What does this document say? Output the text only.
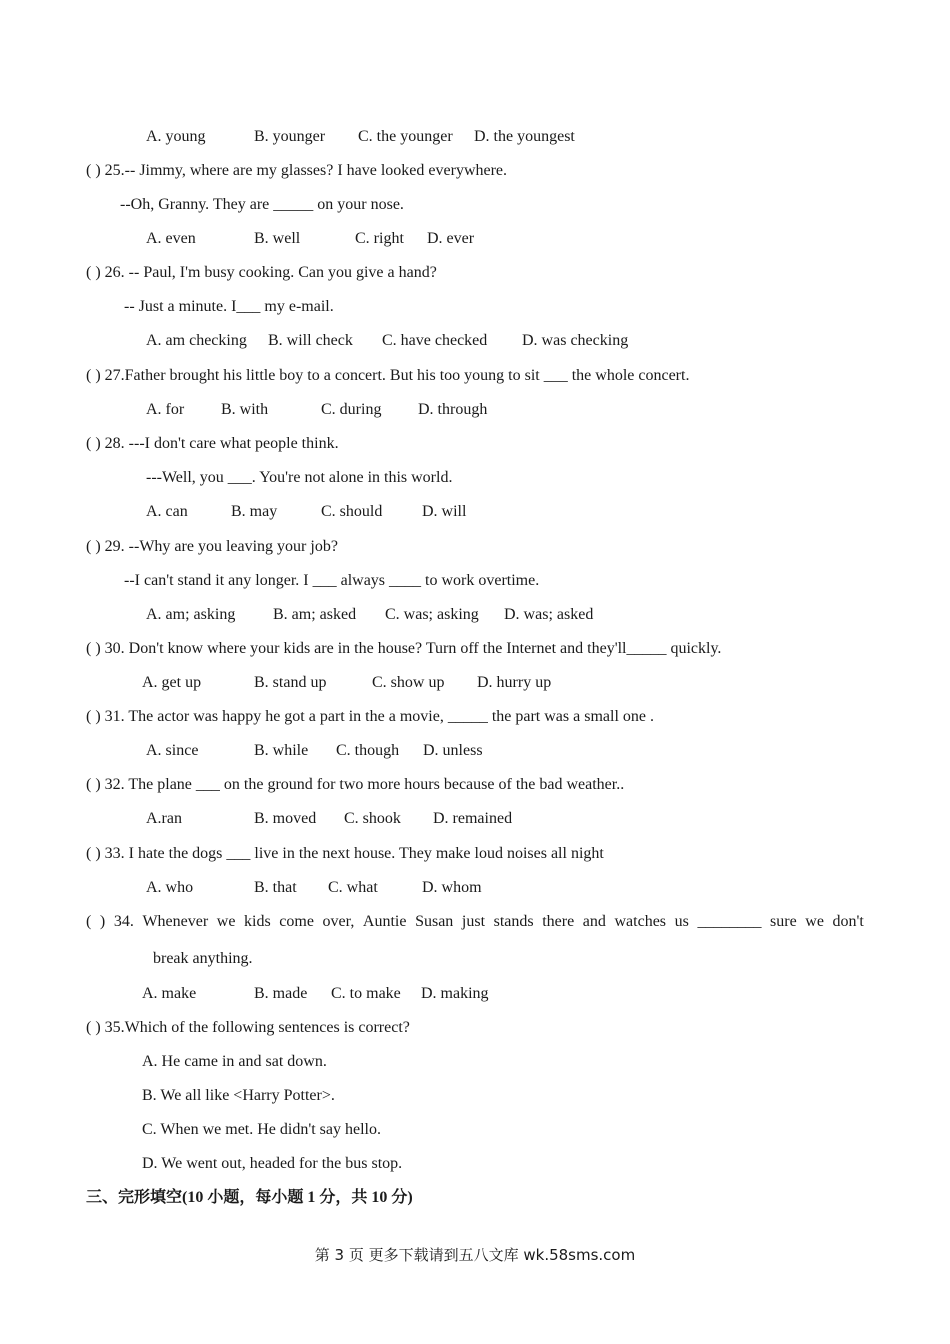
A. young	B. younger C. the younger D. the youngest
( ) 25.-- Jimmy, where are my glasses? I have looked everywhere.
--Oh, Granny. They are _____ on your nose.
A. even	B. well	C. right D. ever
( ) 26. -- Paul, I'm busy cooking. Can you give a hand?
-- Just a minute. I___ my e-mail.
A. am checking B. will check C. have checked D. was checking
( ) 27.Father brought his little boy to a concert. But his too young to sit ___ the whole concert.
A. for B. with	C. during D. through
( ) 28. ---I don't care what people think.
---Well, you ___. You're not alone in this world.
A. can	B. may	C. should D. will
( ) 29. --Why are you leaving your job?
--I can't stand it any longer. I ___ always ____ to work overtime.
A. am; asking B. am; asked C. was; asking D. was; asked
( ) 30. Don't know where your kids are in the house? Turn off the Internet and they'll_____ quickly.
A. get up	B. stand up	C. show up D. hurry up
( ) 31. The actor was happy he got a part in the a movie, _____ the part was a small one .
A. since	B. while C. though D. unless
( ) 32. The plane ___ on the ground for two more hours because of the bad weather..
A.ran	B. moved C. shook D. remained
( ) 33. I hate the dogs ___ live in the next house. They make loud noises all night
A. who	B. that C. what	D. whom
( ) 34. Whenever we kids come over, Auntie Susan just stands there and watches us ________ sure we don't
break anything.
A. make	B. made C. to make D. making
( ) 35.Which of the following sentences is correct?
A. He came in and sat down.
B. We all like <Harry Potter>.
C. When we met. He didn't say hello.
D. We went out, headed for the bus stop.
三、完形填空(10 小题，每小题 1 分，共 10 分)
第 3 页 更多下载请到五八文库 wk.58sms.com
